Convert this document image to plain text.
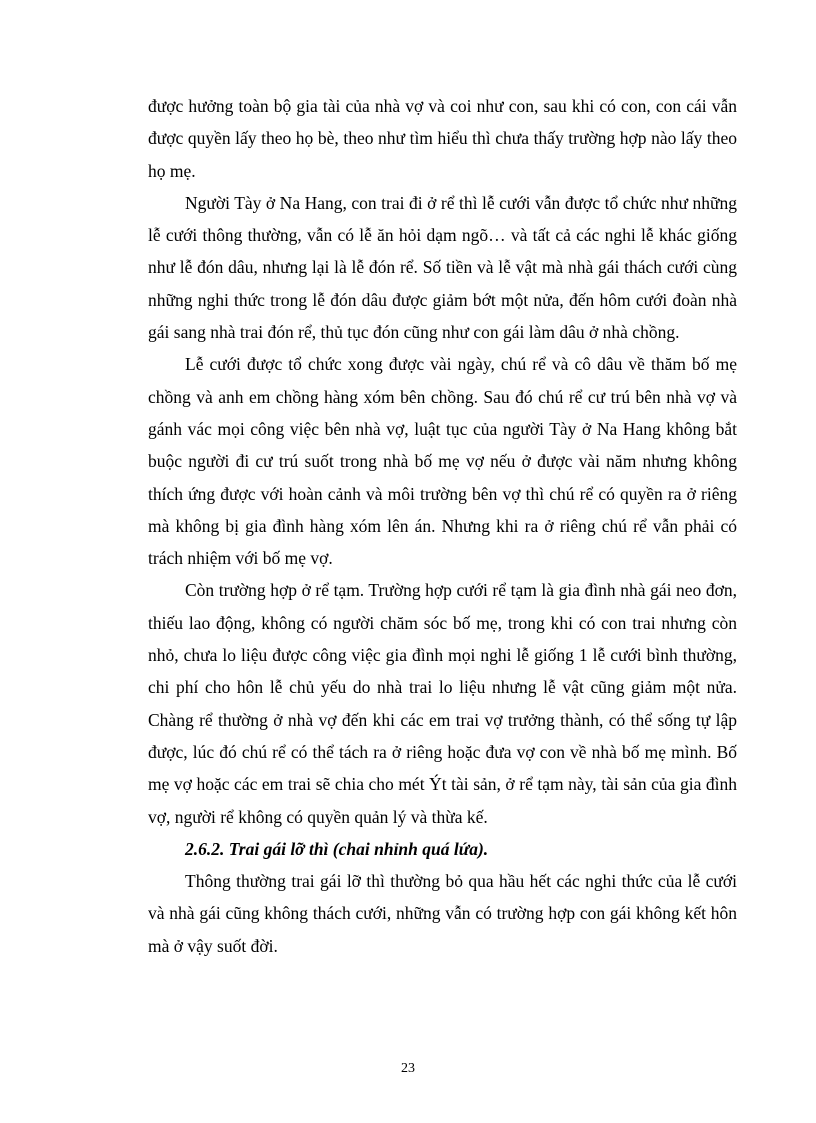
được hưởng toàn bộ gia tài của nhà vợ và coi như con, sau khi có con, con cái vẫn được quyền lấy theo họ bè, theo như tìm hiểu thì chưa thấy trường hợp nào lấy theo họ mẹ.

Người Tày ở Na Hang, con trai đi ở rể thì lễ cưới vẫn được tổ chức như những lễ cưới thông thường, vẫn có lễ ăn hỏi dạm ngõ… và tất cả các nghi lễ khác giống như lễ đón dâu, nhưng lại là lễ đón rể. Số tiền và lễ vật mà nhà gái thách cưới cùng những nghi thức trong lễ đón dâu được giảm bớt một nửa, đến hôm cưới đoàn nhà gái sang nhà trai đón rể, thủ tục đón cũng như con gái làm dâu ở nhà chồng.

Lễ cưới được tổ chức xong được vài ngày, chú rể và cô dâu về thăm bố mẹ chồng và anh em chồng hàng xóm bên chồng. Sau đó chú rể cư trú bên nhà vợ và gánh vác mọi công việc bên nhà vợ, luật tục của người Tày ở Na Hang không bắt buộc người đi cư trú suốt trong nhà bố mẹ vợ nếu ở được vài năm nhưng không thích ứng được với hoàn cảnh và môi trường bên vợ thì chú rể có quyền ra ở riêng mà không bị gia đình hàng xóm lên án. Nhưng khi ra ở riêng chú rể vẫn phải có trách nhiệm với bố mẹ vợ.

Còn trường hợp ở rể tạm. Trường hợp cưới rể tạm là gia đình nhà gái neo đơn, thiếu lao động, không có người chăm sóc bố mẹ, trong khi có con trai nhưng còn nhỏ, chưa lo liệu được công việc gia đình mọi nghi lễ giống 1 lễ cưới bình thường, chi phí cho hôn lễ chủ yếu do nhà trai lo liệu nhưng lễ vật cũng giảm một nửa. Chàng rể thường ở nhà vợ đến khi các em trai vợ trưởng thành, có thể sống tự lập được, lúc đó chú rể có thể tách ra ở riêng hoặc đưa vợ con về nhà bố mẹ mình. Bố mẹ vợ hoặc các em trai sẽ chia cho mét Ýt tài sản, ở rể tạm này, tài sản của gia đình vợ, người rể không có quyền quản lý và thừa kế.

2.6.2. Trai gái lỡ thì (chai nhỉnh quá lứa).

Thông thường trai gái lỡ thì thường bỏ qua hầu hết các nghi thức của lễ cưới và nhà gái cũng không thách cưới, những vẫn có trường hợp con gái không kết hôn mà ở vậy suốt đời.

23
